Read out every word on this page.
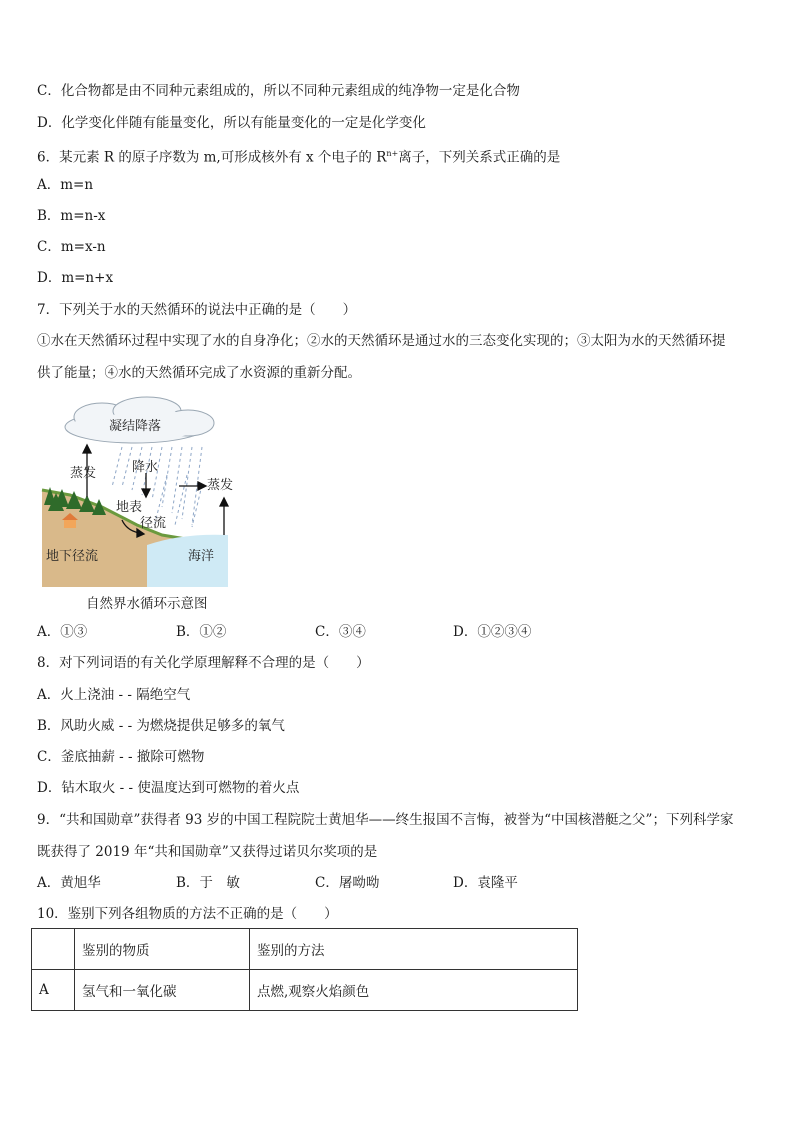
C．化合物都是由不同种元素组成的，所以不同种元素组成的纯净物一定是化合物
D．化学变化伴随有能量变化，所以有能量变化的一定是化学变化
6．某元素 R 的原子序数为 m,可形成核外有 x 个电子的 $R^{n+}$离子，下列关系式正确的是
A．m=n
B．m=n-x
C．m=x-n
D．m=n+x
7．下列关于水的天然循环的说法中正确的是（　　）
①水在天然循环过程中实现了水的自身净化；②水的天然循环是通过水的三态变化实现的；③太阳为水的天然循环提
供了能量；④水的天然循环完成了水资源的重新分配。
凝结降落
蒸发	降水
蒸发
地表
径流
地下径流	海洋
自然界水循环示意图
A．①③	B．①②	C．③④	D．①②③④
8．对下列词语的有关化学原理解释不合理的是（　　）
A．火上浇油 - - 隔绝空气
B．风助火威 - - 为燃烧提供足够多的氧气
C．釜底抽薪 - - 撤除可燃物
D．钻木取火 - - 使温度达到可燃物的着火点
9．“共和国勋章”获得者 93 岁的中国工程院院士黄旭华——终生报国不言悔，被誉为“中国核潜艇之父”；下列科学家
既获得了 2019 年“共和国勋章”又获得过诺贝尔奖项的是
A．黄旭华	B．于　敏	C．屠呦呦	D．袁隆平
10．鉴别下列各组物质的方法不正确的是（　　）
	鉴别的物质	鉴别的方法
A	氢气和一氧化碳	点燃,观察火焰颜色
